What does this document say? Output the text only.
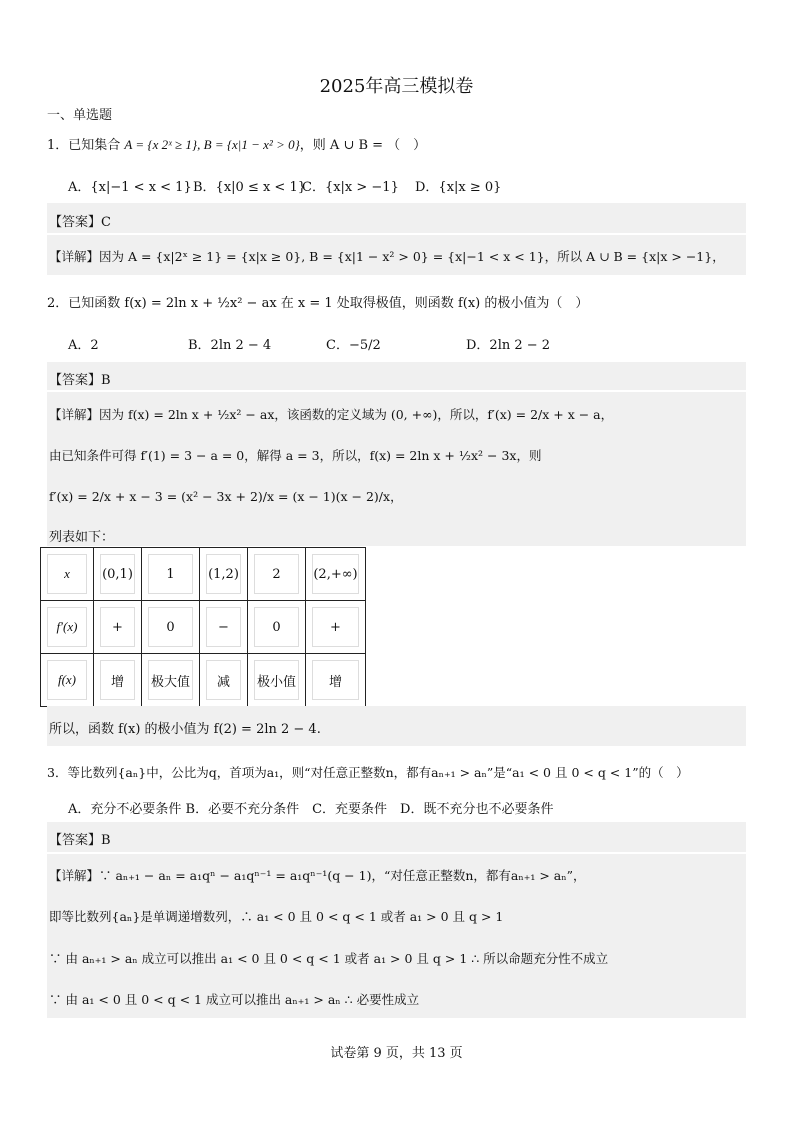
2025年高三模拟卷
一、单选题
1．已知集合 A = {x 2ˣ ≥ 1}, B = {x|1 − x² > 0}，则 A ∪ B = （　）
A．{x|−1 < x < 1} B．{x|0 ≤ x < 1}
C．{x|x > −1} D．{x|x ≥ 0}
【答案】C
【详解】因为 A = {x|2ˣ ≥ 1} = {x|x ≥ 0}, B = {x|1 − x² > 0} = {x|−1 < x < 1}，所以 A ∪ B = {x|x > −1}，
2．已知函数 f(x) = 2ln x + ½x² − ax 在 x = 1 处取得极值，则函数 f(x) 的极小值为（　）
A．2	B．2ln 2 − 4	C．−5/2	D．2ln 2 − 2
【答案】B
【详解】因为 f(x) = 2ln x + ½x² − ax，该函数的定义域为 (0, +∞)，所以，f′(x) = 2/x + x − a，
由已知条件可得 f′(1) = 3 − a = 0，解得 a = 3，所以，f(x) = 2ln x + ½x² − 3x，则
f′(x) = 2/x + x − 3 = (x² − 3x + 2)/x = (x − 1)(x − 2)/x，
列表如下：
x	(0,1)	1	(1,2)	2	(2,+∞)

f′(x)	+	0	−	0	+

f(x)	增	极大值	减	极小值	增
所以，函数 f(x) 的极小值为 f(2) = 2ln 2 − 4.
3．等比数列{aₙ}中，公比为q，首项为a₁，则“对任意正整数n，都有aₙ₊₁ > aₙ”是“a₁ < 0 且 0 < q < 1”的（　）
A．充分不必要条件 B．必要不充分条件　C．充要条件　D．既不充分也不必要条件
【答案】B
【详解】∵ aₙ₊₁ − aₙ = a₁qⁿ − a₁qⁿ⁻¹ = a₁qⁿ⁻¹(q − 1)，“对任意正整数n，都有aₙ₊₁ > aₙ”，
即等比数列{aₙ}是单调递增数列，∴ a₁ < 0 且 0 < q < 1 或者 a₁ > 0 且 q > 1
∵ 由 aₙ₊₁ > aₙ 成立可以推出 a₁ < 0 且 0 < q < 1 或者 a₁ > 0 且 q > 1 ∴ 所以命题充分性不成立
∵ 由 a₁ < 0 且 0 < q < 1 成立可以推出 aₙ₊₁ > aₙ ∴ 必要性成立
试卷第 9 页，共 13 页
